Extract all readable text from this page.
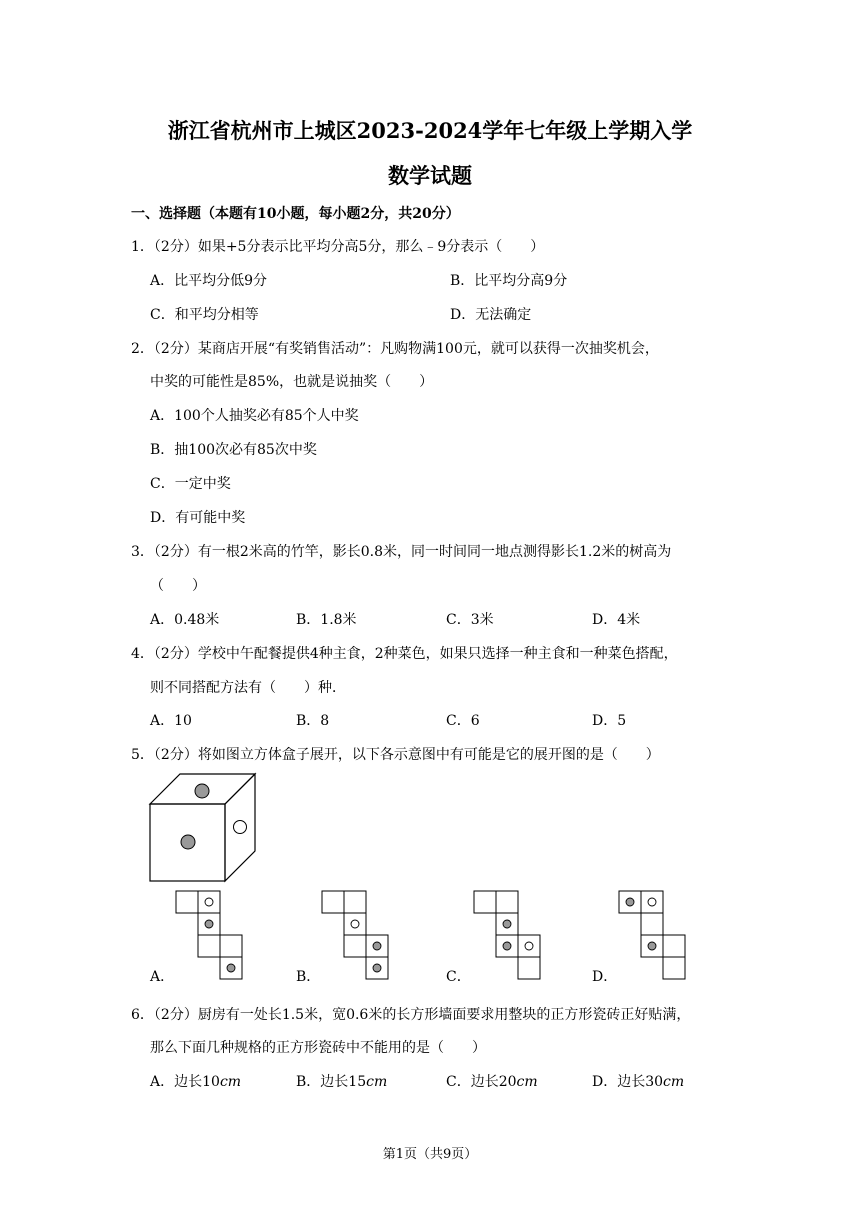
浙江省杭州市上城区2023-2024学年七年级上学期入学
数学试题
一、选择题（本题有10小题，每小题2分，共20分）
1．（2分）如果+5分表示比平均分高5分，那么﹣9分表示（　　）
A．比平均分低9分	B．比平均分高9分
C．和平均分相等	D．无法确定
2．（2分）某商店开展“有奖销售活动”：凡购物满100元，就可以获得一次抽奖机会，
中奖的可能性是85%，也就是说抽奖（　　）
A．100个人抽奖必有85个人中奖
B．抽100次必有85次中奖
C．一定中奖
D．有可能中奖
3．（2分）有一根2米高的竹竿，影长0.8米，同一时间同一地点测得影长1.2米的树高为
（　　）
A．0.48米	B．1.8米	C．3米	D．4米
4．（2分）学校中午配餐提供4种主食，2种菜色，如果只选择一种主食和一种菜色搭配，
则不同搭配方法有（　　）种．
A．10	B．8	C．6	D．5
5．（2分）将如图立方体盒子展开，以下各示意图中有可能是它的展开图的是（　　）
A．	B．	C．	D．
6．（2分）厨房有一处长1.5米，宽0.6米的长方形墙面要求用整块的正方形瓷砖正好贴满，
那么下面几种规格的正方形瓷砖中不能用的是（　　）
A．边长10cm	B．边长15cm	C．边长20cm	D．边长30cm
第1页（共9页）
